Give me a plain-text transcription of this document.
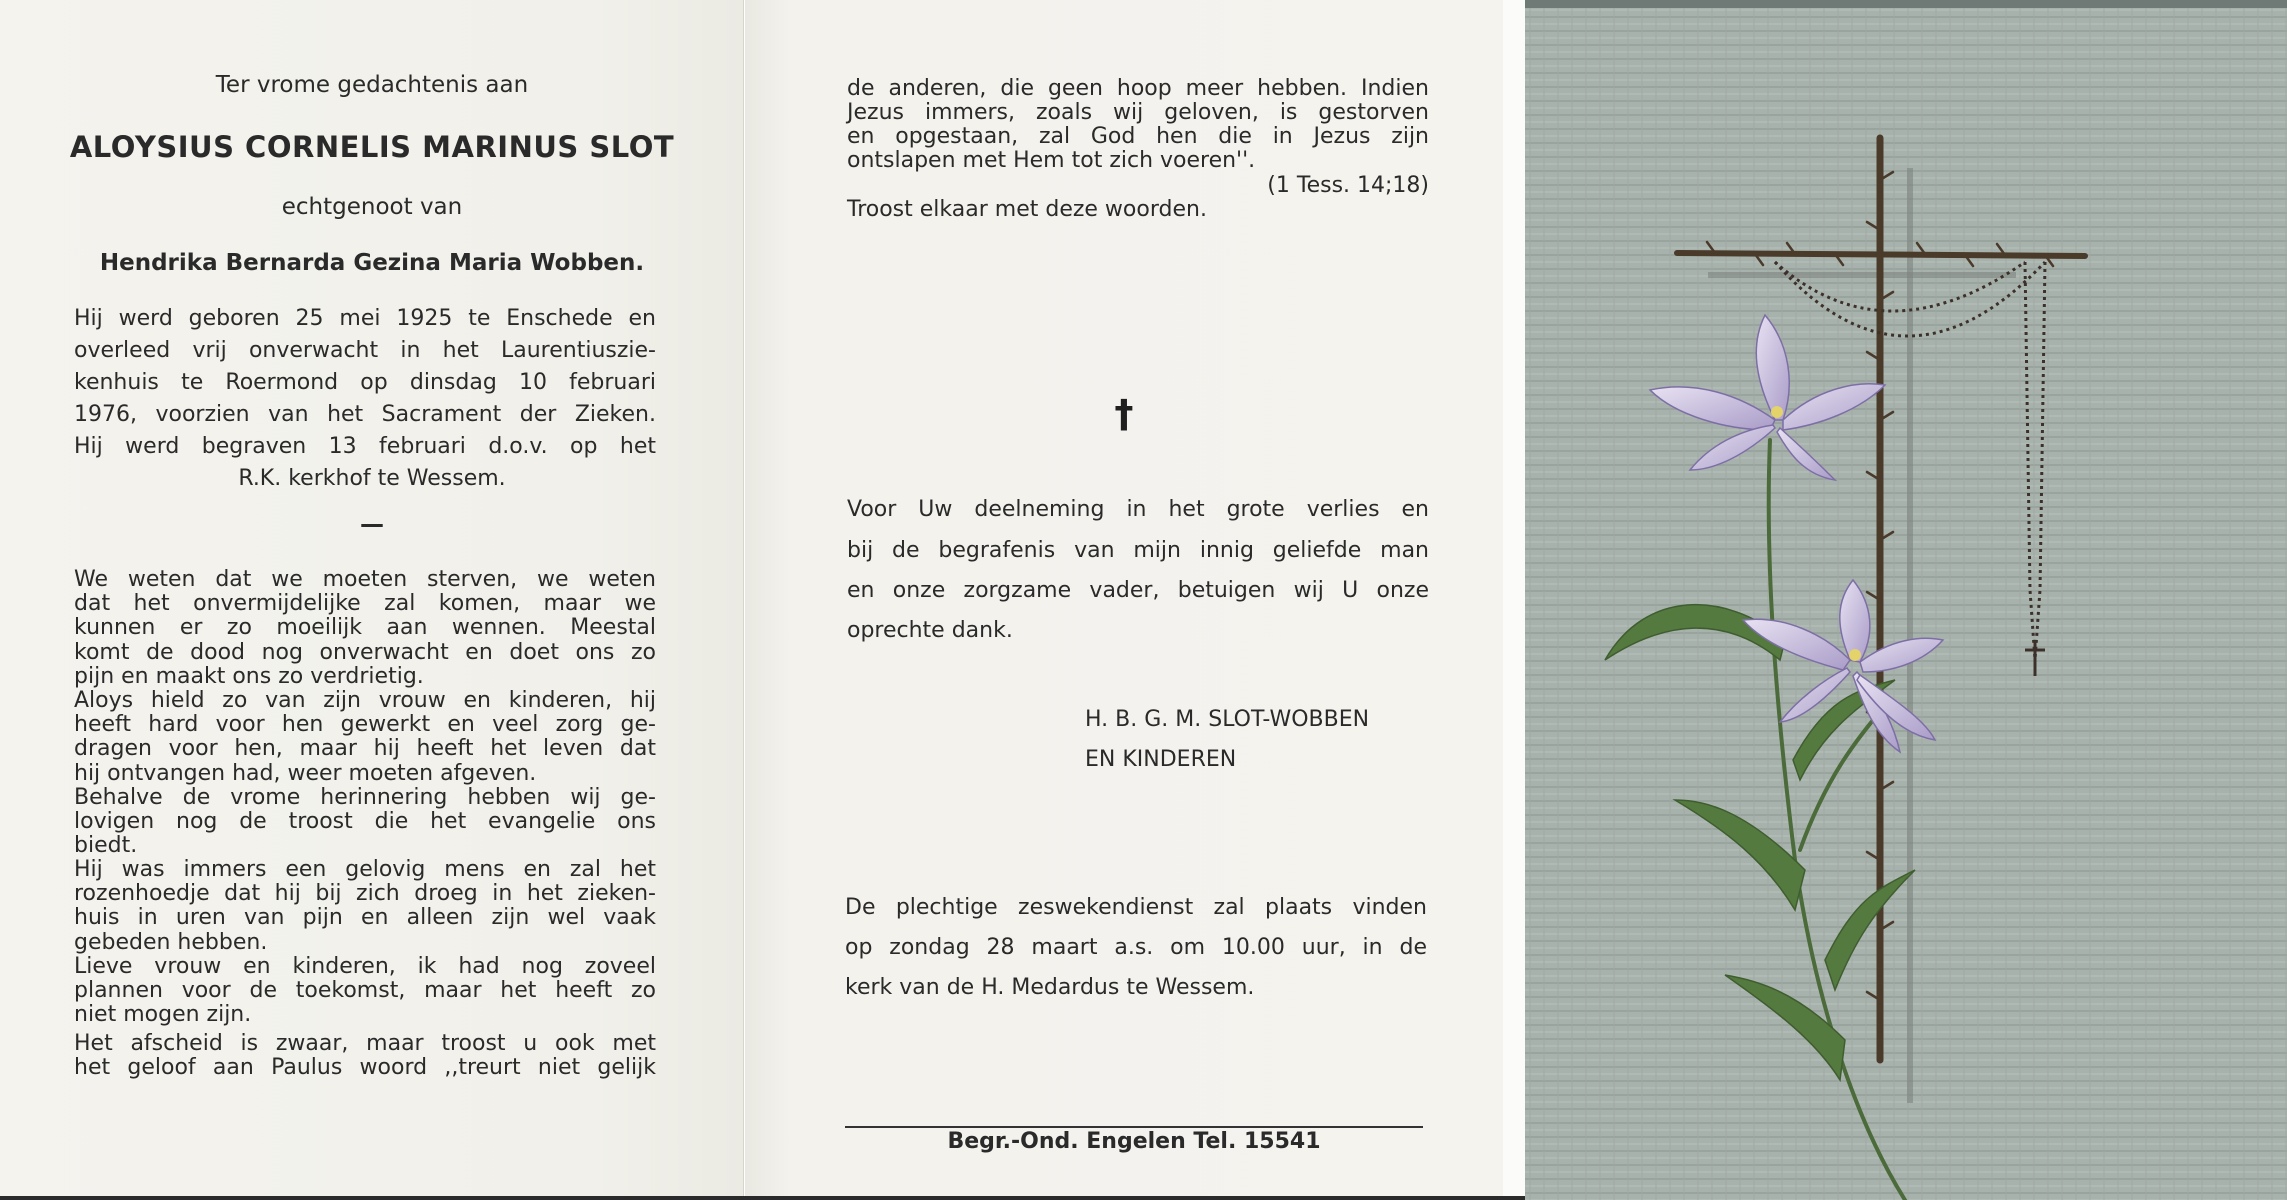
Ter vrome gedachtenis aan
ALOYSIUS CORNELIS MARINUS SLOT
echtgenoot van
Hendrika Bernarda Gezina Maria Wobben.
Hij werd geboren 25 mei 1925 te Enschede en
overleed vrij onverwacht in het Laurentiuszie-
kenhuis te Roermond op dinsdag 10 februari
1976, voorzien van het Sacrament der Zieken.
Hij werd begraven 13 februari d.o.v. op het
R.K. kerkhof te Wessem.
—
We weten dat we moeten sterven, we weten
dat het onvermijdelijke zal komen, maar we
kunnen er zo moeilijk aan wennen. Meestal
komt de dood nog onverwacht en doet ons zo
pijn en maakt ons zo verdrietig.
Aloys hield zo van zijn vrouw en kinderen, hij
heeft hard voor hen gewerkt en veel zorg ge-
dragen voor hen, maar hij heeft het leven dat
hij ontvangen had, weer moeten afgeven.
Behalve de vrome herinnering hebben wij ge-
lovigen nog de troost die het evangelie ons
biedt.
Hij was immers een gelovig mens en zal het
rozenhoedje dat hij bij zich droeg in het zieken-
huis in uren van pijn en alleen zijn wel vaak
gebeden hebben.
Lieve vrouw en kinderen, ik had nog zoveel
plannen voor de toekomst, maar het heeft zo
niet mogen zijn.
Het afscheid is zwaar, maar troost u ook met
het geloof aan Paulus woord ,,treurt niet gelijk
de anderen, die geen hoop meer hebben. Indien
Jezus immers, zoals wij geloven, is gestorven
en opgestaan, zal God hen die in Jezus zijn
ontslapen met Hem tot zich voeren''.
(1 Tess. 14;18)
Troost elkaar met deze woorden.
†
Voor Uw deelneming in het grote verlies en
bij de begrafenis van mijn innig geliefde man
en onze zorgzame vader, betuigen wij U onze
oprechte dank.
H. B. G. M. SLOT-WOBBEN
EN KINDEREN
De plechtige zeswekendienst zal plaats vinden
op zondag 28 maart a.s. om 10.00 uur, in de
kerk van de H. Medardus te Wessem.
Begr.-Ond. Engelen Tel. 15541
